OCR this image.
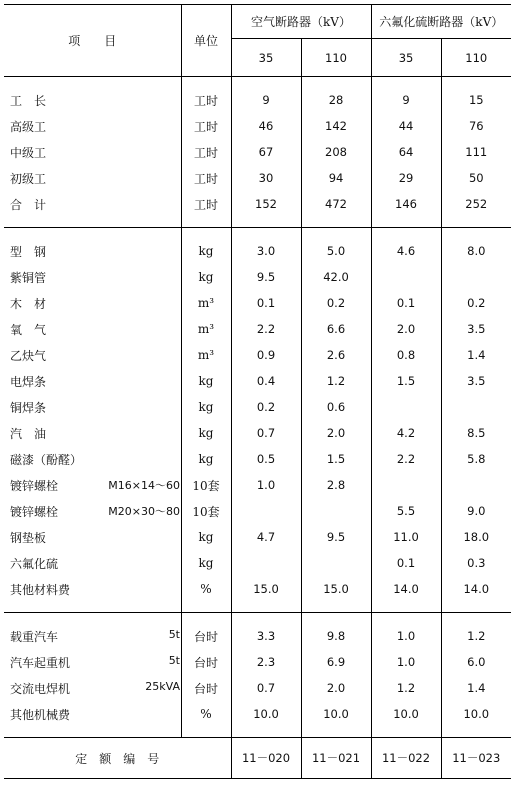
项　　目	单位	空气断路器（kV）		六氟化硫断路器（kV）	
		35	110	35	110

工　长	工时	9	28	9	15
高级工	工时	46	142	44	76
中级工	工时	67	208	64	111
初级工	工时	30	94	29	50
合　计	工时	152	472	146	252

型　钢	kg	3.0	5.0	4.6	8.0
紫铜管	kg	9.5	42.0		
木　材	m³	0.1	0.2	0.1	0.2
氧　气	m³	2.2	6.6	2.0	3.5
乙炔气	m³	0.9	2.6	0.8	1.4
电焊条	kg	0.4	1.2	1.5	3.5
铜焊条	kg	0.2	0.6		
汽　油	kg	0.7	2.0	4.2	8.5
磁漆（酚醛）	kg	0.5	1.5	2.2	5.8

镀锌螺栓 M16×14～60	10套	1.0	2.8		

镀锌螺栓 M20×30～80	10套			5.5	9.0
钢垫板	kg	4.7	9.5	11.0	18.0
六氟化硫	kg			0.1	0.3
其他材料费	%	15.0	15.0	14.0	14.0

载重汽车 5t	台时	3.3	9.8	1.0	1.2

汽车起重机 5t	台时	2.3	6.9	1.0	6.0

交流电焊机 25kVA	台时	0.7	2.0	1.2	1.4
其他机械费	%	10.0	10.0	10.0	10.0

定　额　编　号		11－020	11－021	11－022	11－023
